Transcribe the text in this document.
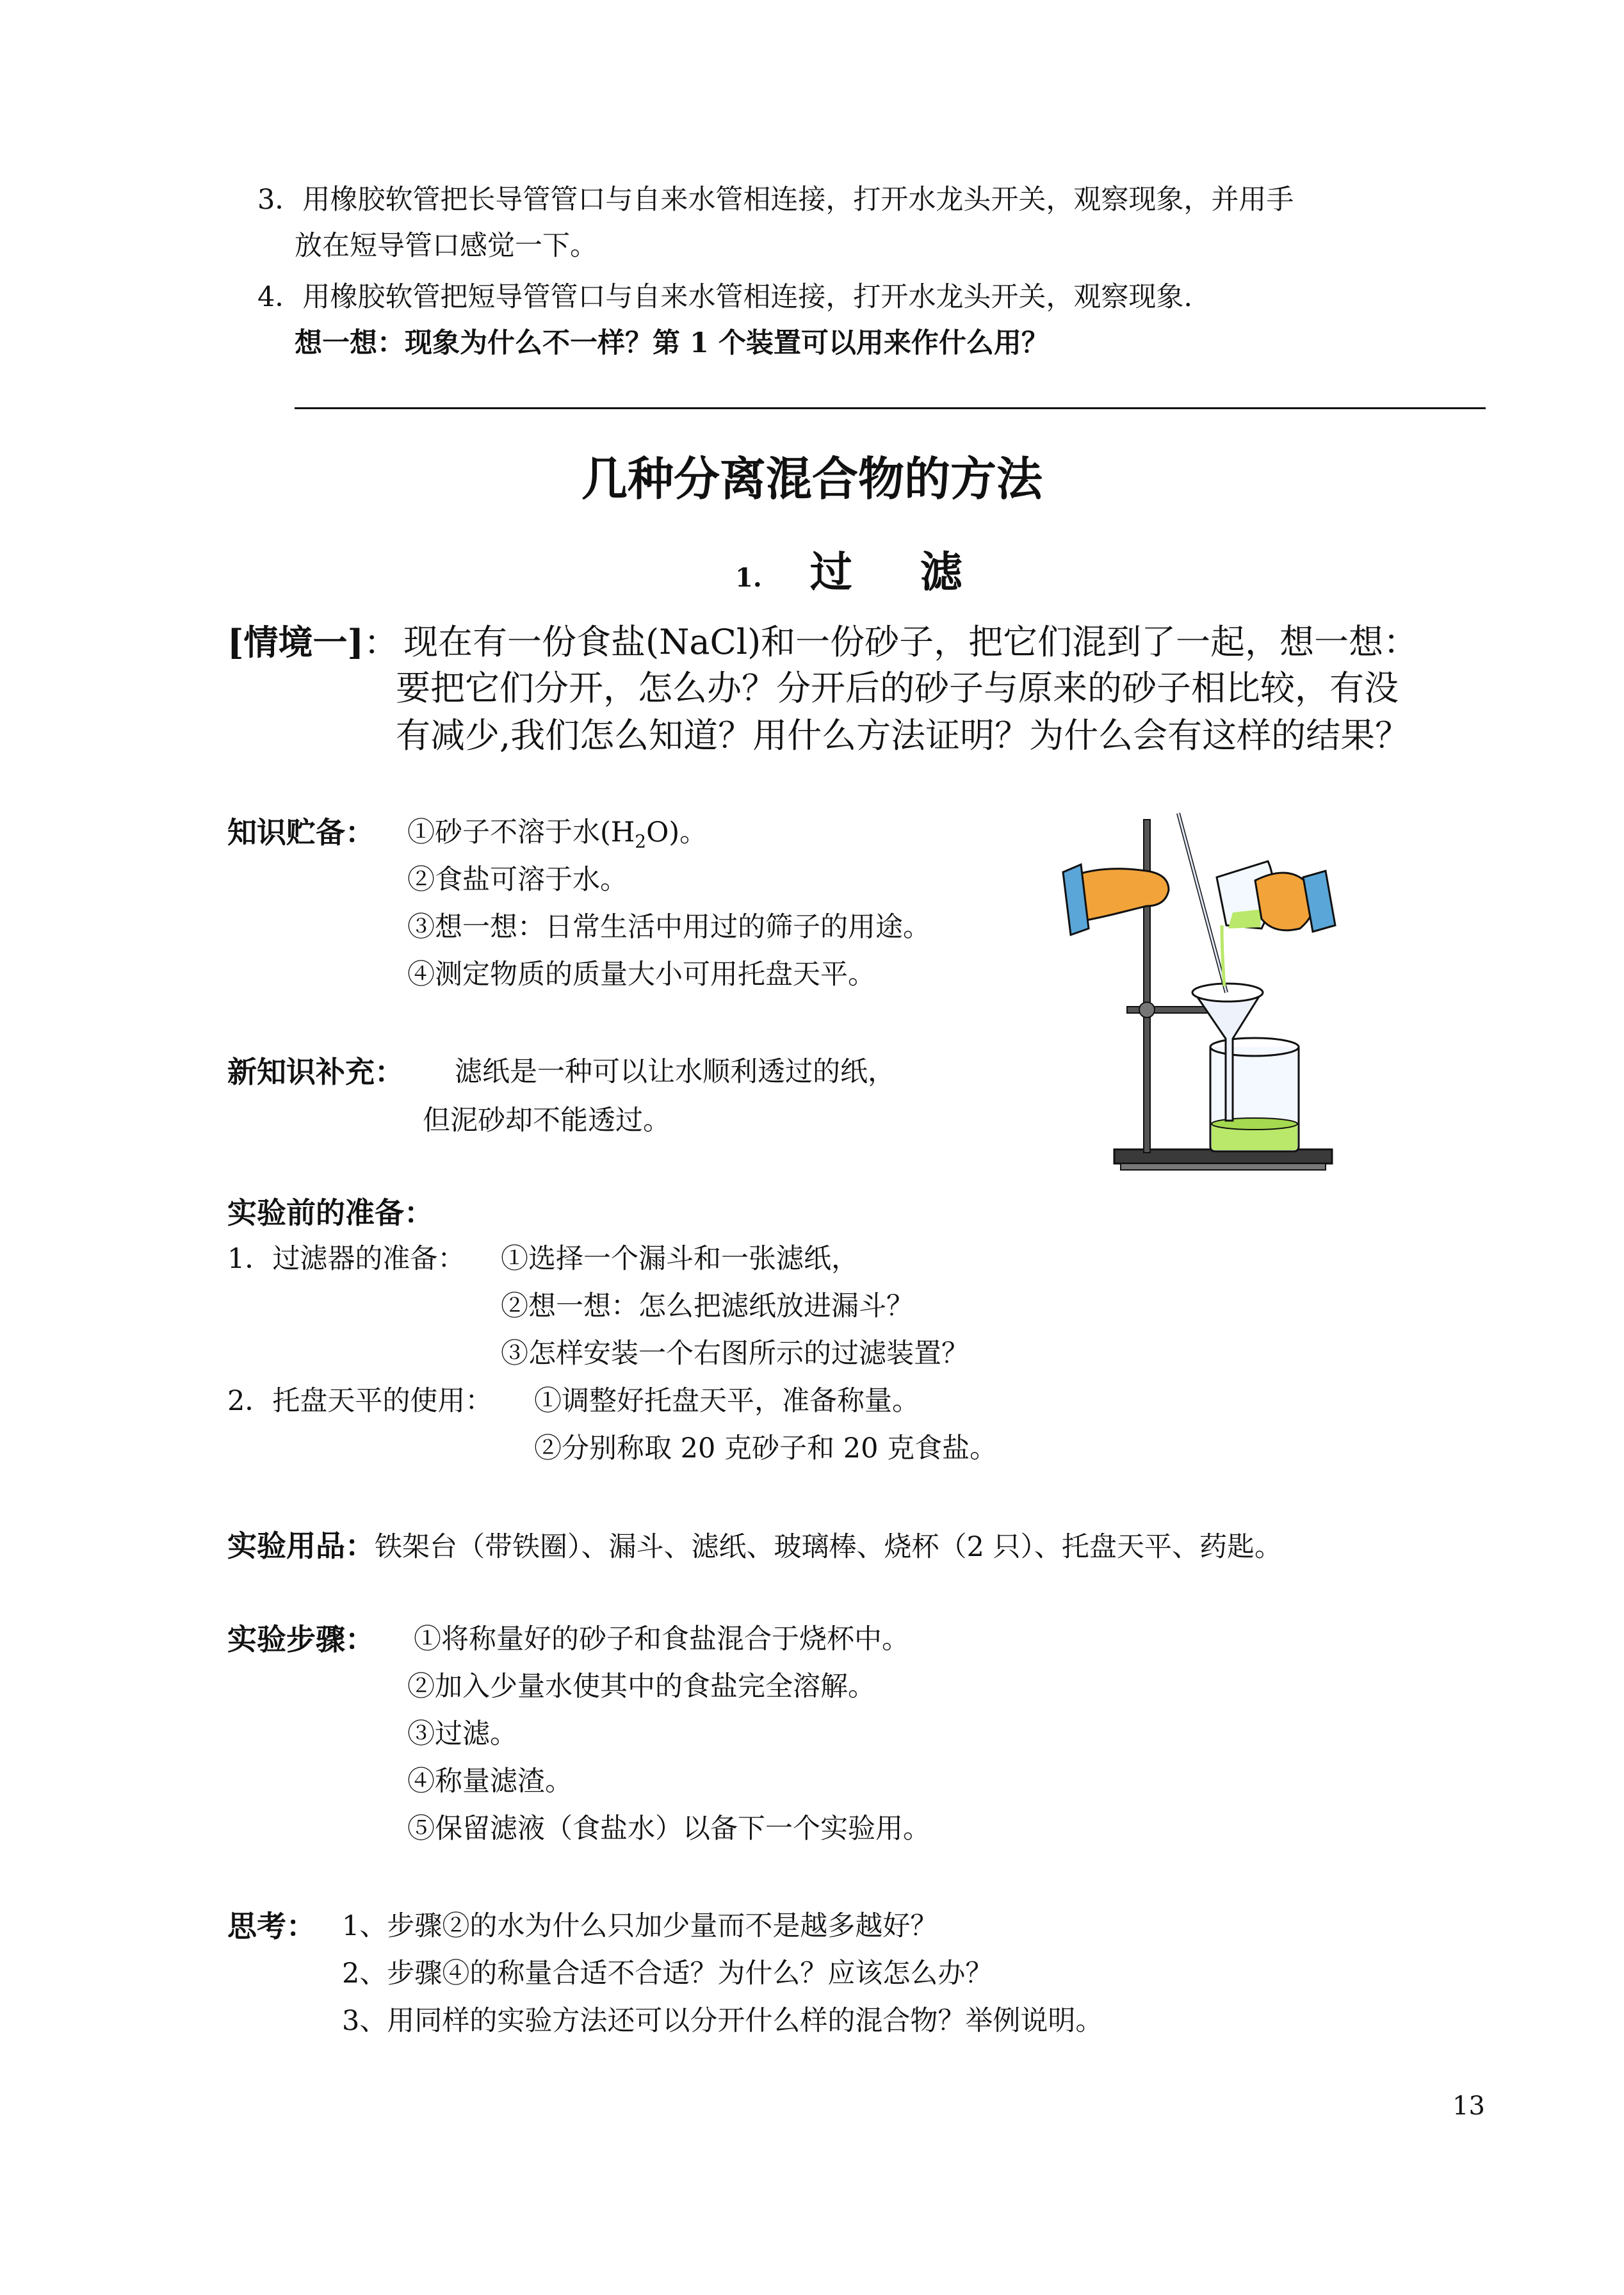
3．用橡胶软管把长导管管口与自来水管相连接，打开水龙头开关，观察现象，并用手
放在短导管口感觉一下。
4．用橡胶软管把短导管管口与自来水管相连接，打开水龙头开关，观察现象.
想一想：现象为什么不一样？第 1 个装置可以用来作什么用？
几种分离混合物的方法
1. 过　滤
[情境一]： 现在有一份食盐(NaCl)和一份砂子，把它们混到了一起，想一想：
要把它们分开，怎么办？分开后的砂子与原来的砂子相比较，有没
有减少,我们怎么知道？用什么方法证明？为什么会有这样的结果？
知识贮备： ①砂子不溶于水$(H_2O)$。
②食盐可溶于水。
③想一想：日常生活中用过的筛子的用途。
④测定物质的质量大小可用托盘天平。
新知识补充： 滤纸是一种可以让水顺利透过的纸，
但泥砂却不能透过。
实验前的准备：
1．过滤器的准备： ①选择一个漏斗和一张滤纸，
②想一想：怎么把滤纸放进漏斗？
③怎样安装一个右图所示的过滤装置？
2．托盘天平的使用： ①调整好托盘天平，准备称量。
②分别称取 20 克砂子和 20 克食盐。
实验用品：铁架台（带铁圈）、漏斗、滤纸、玻璃棒、烧杯（2 只）、托盘天平、药匙。
实验步骤： ①将称量好的砂子和食盐混合于烧杯中。
②加入少量水使其中的食盐完全溶解。
③过滤。
④称量滤渣。
⑤保留滤液（食盐水）以备下一个实验用。
思考： 1、步骤②的水为什么只加少量而不是越多越好？
2、步骤④的称量合适不合适？为什么？应该怎么办？
3、用同样的实验方法还可以分开什么样的混合物？举例说明。
13
